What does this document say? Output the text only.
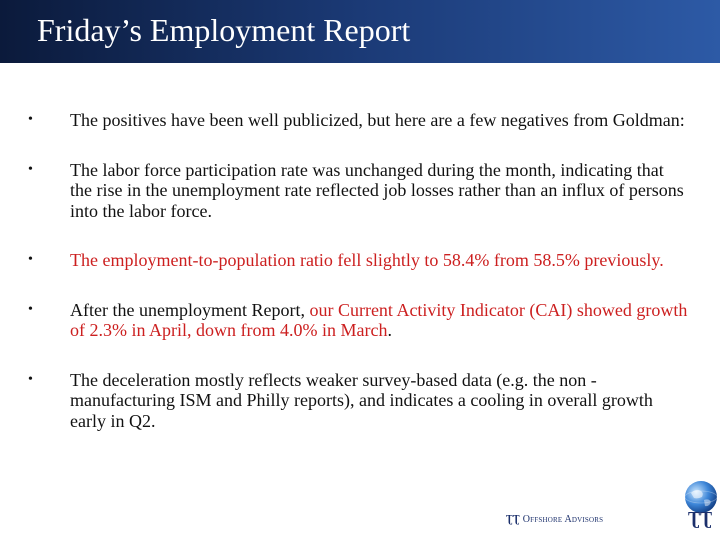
Friday’s Employment Report
•	The positives have been well publicized, but here are a few negatives from Goldman:
•	The labor force participation rate was unchanged during the month, indicating that the rise in the unemployment rate reflected job losses rather than an influx of persons into the labor force.
•	The employment-to-population ratio fell slightly to 58.4% from 58.5% previously.
•	After the unemployment Report, our Current Activity Indicator (CAI) showed growth of 2.3% in April, down from 4.0% in March.
•	The deceleration mostly reflects weaker survey-based data (e.g. the non -manufacturing ISM and Philly reports), and indicates a cooling in overall growth early in Q2.
ƮƮ Offshore Advisors	ƮƮ
